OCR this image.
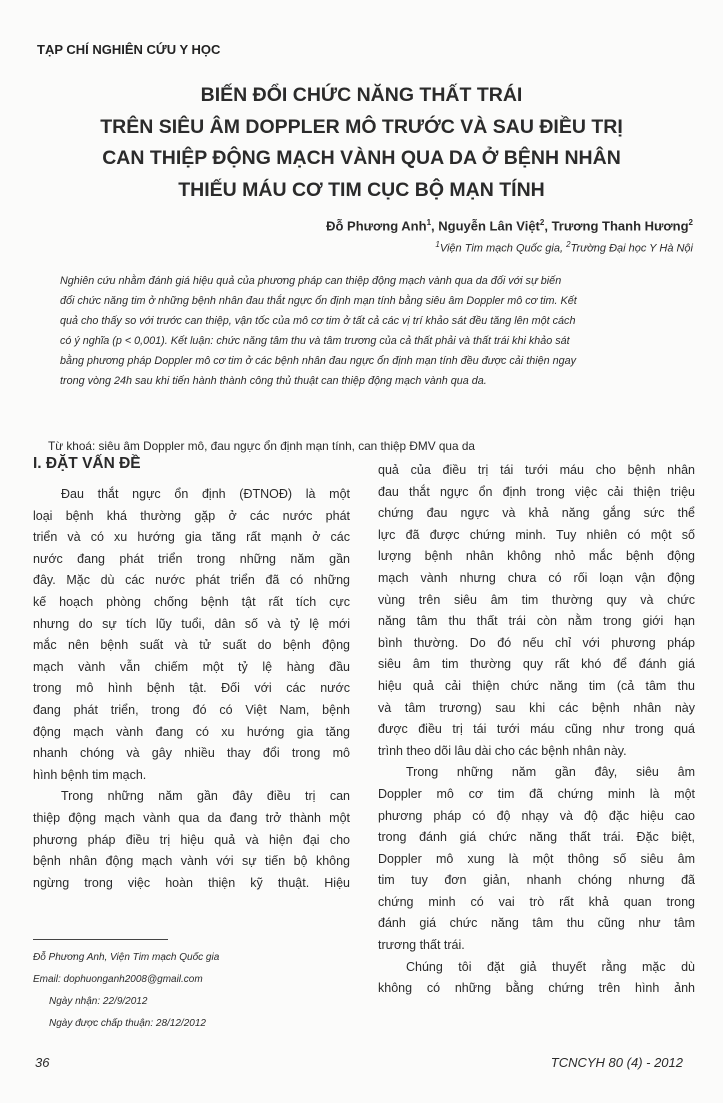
TẠP CHÍ NGHIÊN CỨU Y HỌC
BIẾN ĐỔI CHỨC NĂNG THẤT TRÁI
TRÊN SIÊU ÂM DOPPLER MÔ TRƯỚC VÀ SAU ĐIỀU TRỊ
CAN THIỆP ĐỘNG MẠCH VÀNH QUA DA Ở BỆNH NHÂN
THIẾU MÁU CƠ TIM CỤC BỘ MẠN TÍNH
Đỗ Phương Anh$^1$, Nguyễn Lân Việt$^2$, Trương Thanh Hương$^2$
$^1$Viện Tim mạch Quốc gia, $^2$Trường Đại học Y Hà Nội
Nghiên cứu nhằm đánh giá hiệu quả của phương pháp can thiệp động mạch vành qua da đối với sự biến
đổi chức năng tim ở những bệnh nhân đau thắt ngực ổn định mạn tính bằng siêu âm Doppler mô cơ tim. Kết
quả cho thấy so với trước can thiệp, vận tốc của mô cơ tim ở tất cả các vị trí khảo sát đều tăng lên một cách
có ý nghĩa (p < 0,001). Kết luận: chức năng tâm thu và tâm trương của cả thất phải và thất trái khi khảo sát
bằng phương pháp Doppler mô cơ tim ở các bệnh nhân đau ngực ổn định mạn tính đều được cải thiện ngay
trong vòng 24h sau khi tiến hành thành công thủ thuật can thiệp động mạch vành qua da.
Từ khoá: siêu âm Doppler mô, đau ngực ổn định mạn tính, can thiệp ĐMV qua da
I. ĐẶT VẤN ĐỀ
Đau thắt ngực ổn định (ĐTNOĐ) là một
loại bệnh khá thường gặp ở các nước phát
triển và có xu hướng gia tăng rất mạnh ở các
nước đang phát triển trong những năm gần
đây. Mặc dù các nước phát triển đã có những
kế hoạch phòng chống bệnh tật rất tích cực
nhưng do sự tích lũy tuổi, dân số và tỷ lệ mới
mắc nên bệnh suất và tử suất do bệnh động
mạch vành vẫn chiếm một tỷ lệ hàng đầu
trong mô hình bệnh tật. Đối với các nước
đang phát triển, trong đó có Việt Nam, bệnh
động mạch vành đang có xu hướng gia tăng
nhanh chóng và gây nhiều thay đổi trong mô
hình bệnh tim mạch.
Trong những năm gần đây điều trị can
thiệp động mạch vành qua da đang trở thành một
phương pháp điều trị hiệu quả và hiện đại cho
bệnh nhân động mạch vành với sự tiến bộ không
ngừng trong việc hoàn thiện kỹ thuật. Hiệu
quả của điều trị tái tưới máu cho bệnh nhân
đau thắt ngực ổn định trong việc cải thiện triệu
chứng đau ngực và khả năng gắng sức thể
lực đã được chứng minh. Tuy nhiên có một số
lượng bệnh nhân không nhỏ mắc bệnh động
mạch vành nhưng chưa có rối loạn vận động
vùng trên siêu âm tim thường quy và chức
năng tâm thu thất trái còn nằm trong giới hạn
bình thường. Do đó nếu chỉ với phương pháp
siêu âm tim thường quy rất khó để đánh giá
hiệu quả cải thiện chức năng tim (cả tâm thu
và tâm trương) sau khi các bệnh nhân này
được điều trị tái tưới máu cũng như trong quá
trình theo dõi lâu dài cho các bệnh nhân này.
Trong những năm gần đây, siêu âm
Doppler mô cơ tim đã chứng minh là một
phương pháp có độ nhạy và độ đặc hiệu cao
trong đánh giá chức năng thất trái. Đặc biệt,
Doppler mô xung là một thông số siêu âm
tim tuy đơn giản, nhanh chóng nhưng đã
chứng minh có vai trò rất khả quan trong
đánh giá chức năng tâm thu cũng như tâm
trương thất trái.
Chúng tôi đặt giả thuyết rằng mặc dù
không có những bằng chứng trên hình ảnh
Đỗ Phương Anh, Viện Tim mạch Quốc gia
Email: dophuonganh2008@gmail.com
Ngày nhận: 22/9/2012
Ngày được chấp thuận: 28/12/2012
36	TCNCYH 80 (4) - 2012
